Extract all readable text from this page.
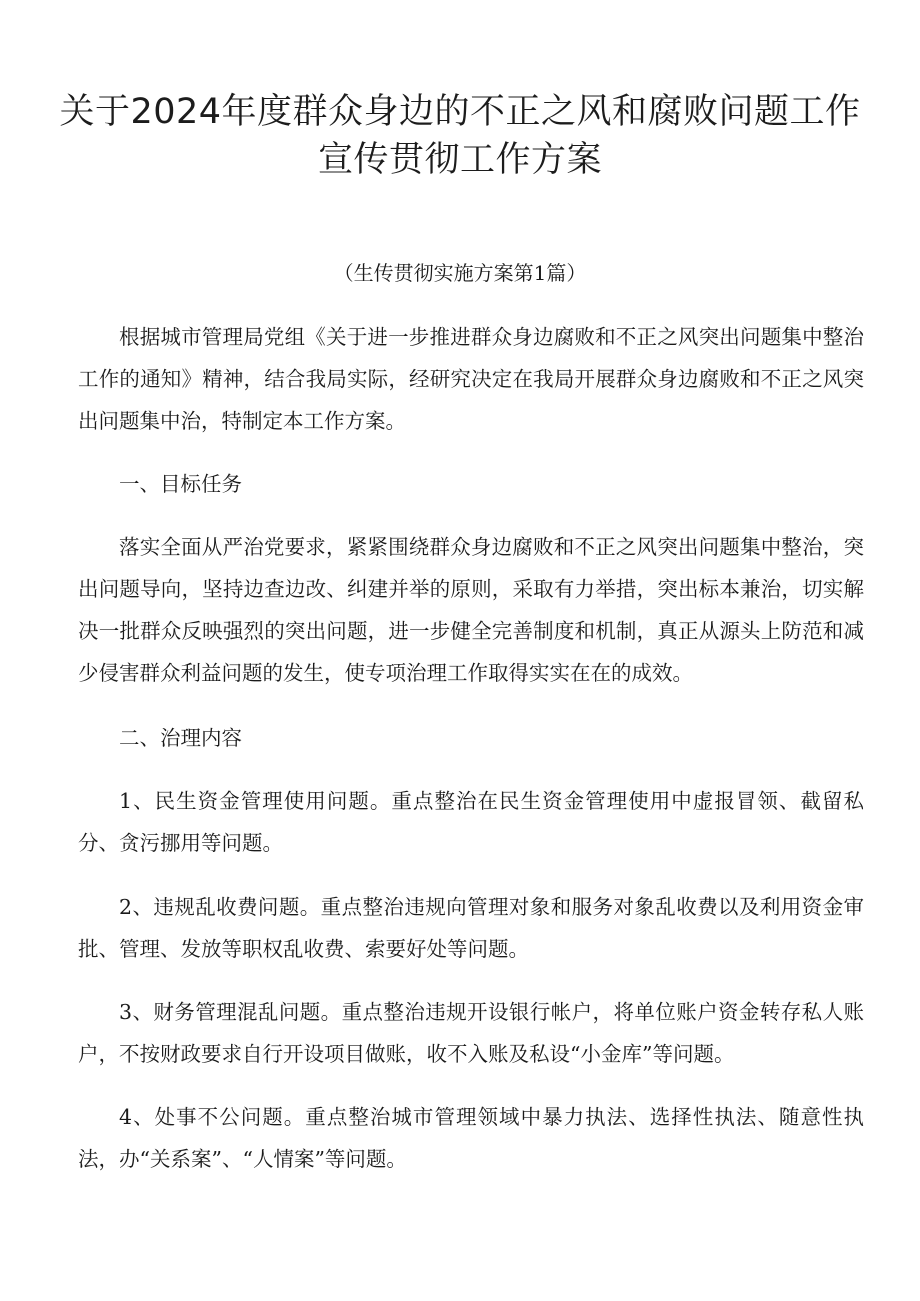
关于2024年度群众身边的不正之风和腐败问题工作
宣传贯彻工作方案
（生传贯彻实施方案第1篇）

根据城市管理局党组《关于进一步推进群众身边腐败和不正之风突出问题集中整治工作的通知》精神，结合我局实际，经研究决定在我局开展群众身边腐败和不正之风突出问题集中治，特制定本工作方案。

一、目标任务

落实全面从严治党要求，紧紧围绕群众身边腐败和不正之风突出问题集中整治，突出问题导向，坚持边查边改、纠建并举的原则，采取有力举措，突出标本兼治，切实解决一批群众反映强烈的突出问题，进一步健全完善制度和机制，真正从源头上防范和减少侵害群众利益问题的发生，使专项治理工作取得实实在在的成效。

二、治理内容

1、民生资金管理使用问题。重点整治在民生资金管理使用中虚报冒领、截留私分、贪污挪用等问题。

2、违规乱收费问题。重点整治违规向管理对象和服务对象乱收费以及利用资金审批、管理、发放等职权乱收费、索要好处等问题。

3、财务管理混乱问题。重点整治违规开设银行帐户，将单位账户资金转存私人账户，不按财政要求自行开设项目做账，收不入账及私设“小金库”等问题。

4、处事不公问题。重点整治城市管理领域中暴力执法、选择性执法、随意性执法，办“关系案”、“人情案”等问题。
